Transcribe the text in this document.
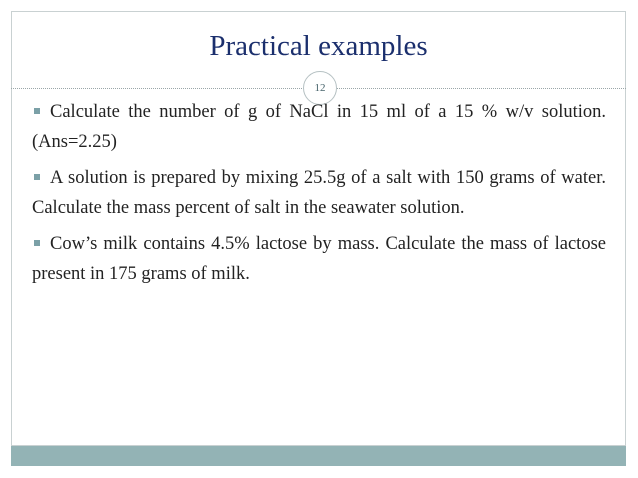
Practical examples
12

Calculate the number of g of NaCl in 15 ml of a 15 % w/v solution. (Ans=2.25)

A solution is prepared by mixing 25.5g of a salt with 150 grams of water. Calculate the mass percent of salt in the seawater solution.

Cow’s milk contains 4.5% lactose by mass. Calculate the mass of lactose present in 175 grams of milk.
